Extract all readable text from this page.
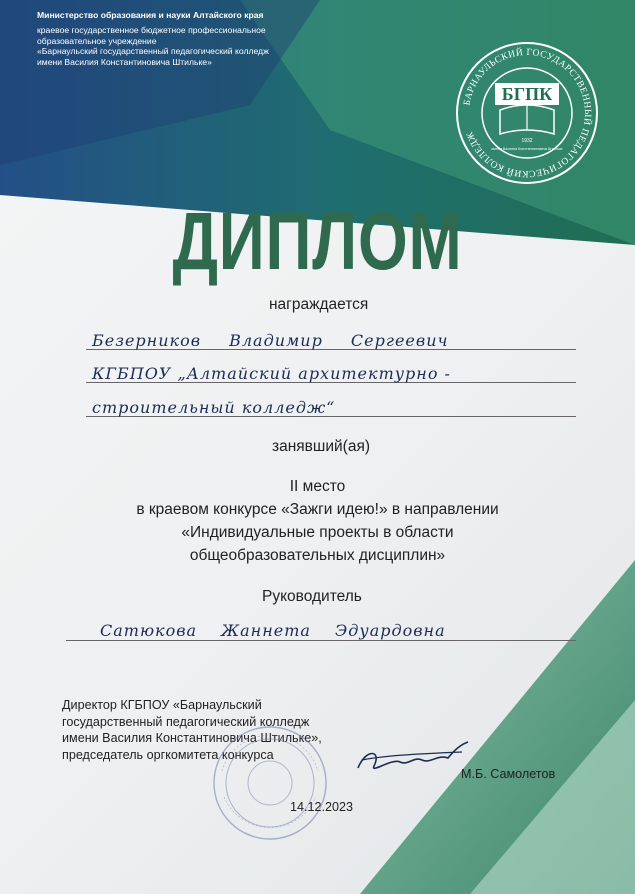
Министерство образования и науки Алтайского края
краевое государственное бюджетное профессиональное
образовательное учреждение
«Барнаульский государственный педагогический колледж
имени Василия Константиновича Штильке»
БАРНАУЛЬСКИЙ ГОСУДАРСТВЕННЫЙ ПЕДАГОГИЧЕСКИЙ КОЛЛЕДЖ
БГПК
1932
имени Василия Константиновича Штильке
ДИПЛОМ
награждается
Безерников Владимир Сергеевич
КГБПОУ „Алтайский архитектурно -
строительный колледж“
занявший(ая)
II место
в краевом конкурсе «Зажги идею!» в направлении
«Индивидуальные проекты в области
общеобразовательных дисциплин»
Руководитель
Сатюкова Жаннета Эдуардовна
Директор КГБПОУ «Барнаульский
государственный педагогический колледж
имени Василия Константиновича Штильке»,
председатель оргкомитета конкурса
М.Б. Самолетов
14.12.2023
